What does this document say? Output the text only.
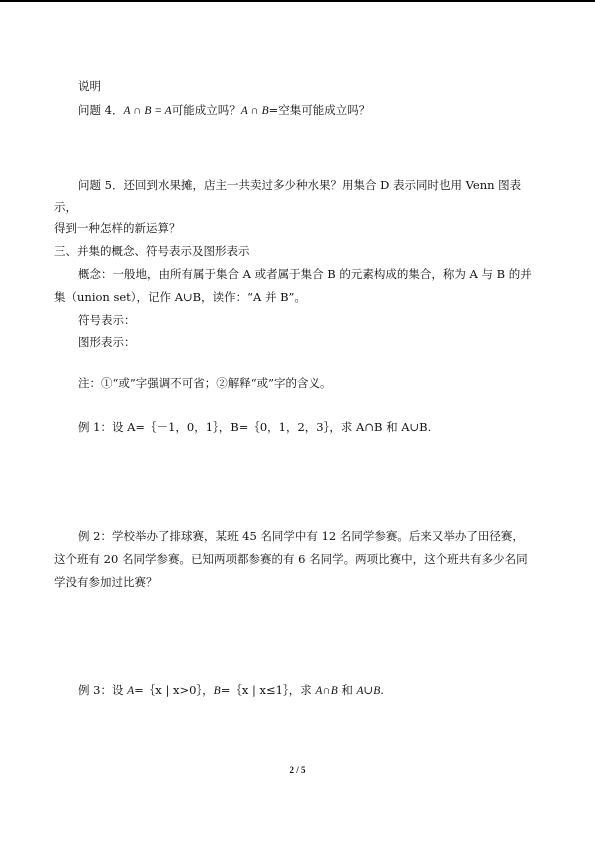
说明
问题 4．A ∩ B = A可能成立吗？A ∩ B=空集可能成立吗？
问题 5．还回到水果摊，店主一共卖过多少种水果？用集合 D 表示同时也用 Venn 图表
示，
得到一种怎样的新运算？
三、并集的概念、符号表示及图形表示
概念：一般地，由所有属于集合 A 或者属于集合 B 的元素构成的集合，称为 A 与 B 的并
集（union set），记作 A∪B，读作：“A 并 B”。
符号表示：
图形表示：
注：①“或”字强调不可省；②解释“或”字的含义。
例 1：设 A=｛－1，0，1｝，B=｛0，1，2，3｝，求 A∩B 和 A∪B.
例 2：学校举办了排球赛，某班 45 名同学中有 12 名同学参赛。后来又举办了田径赛，
这个班有 20 名同学参赛。已知两项都参赛的有 6 名同学。两项比赛中，这个班共有多少名同
学没有参加过比赛？
例 3：设 A=｛x | x>0｝，B=｛x | x≤1｝，求 A∩B 和 A∪B.
2 / 5
